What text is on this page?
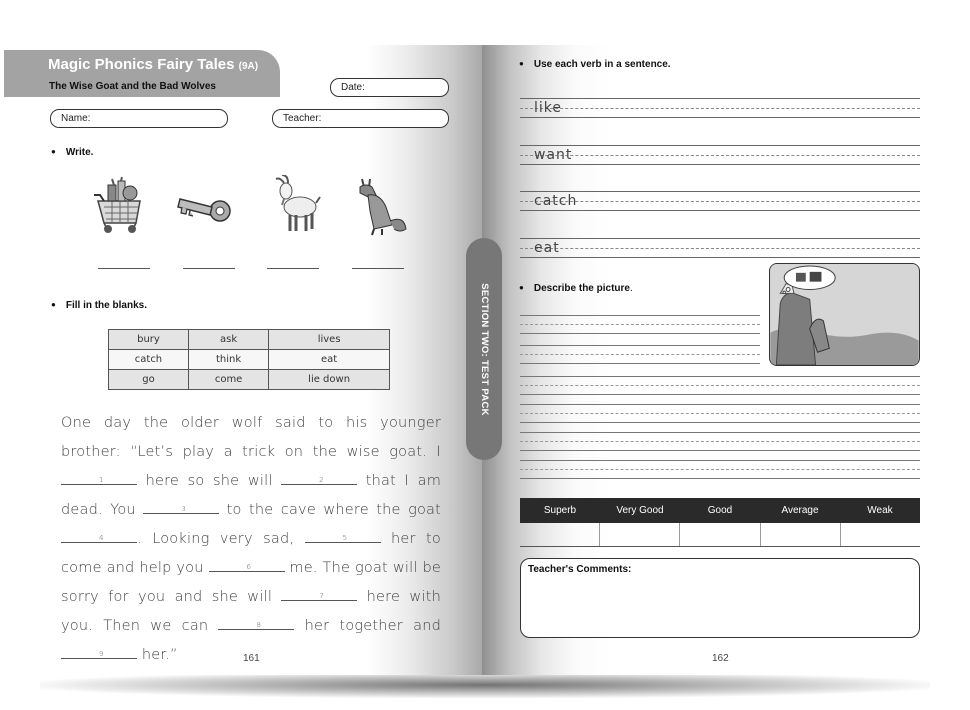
Magic Phonics Fairy Tales (9A)
The Wise Goat and the Bad Wolves	Date:
Name:	Teacher:
● Write.
● Fill in the blanks.
bury	ask	lives
catch	think	eat
go	come	lie down
One day the older wolf said to his younger brother: “Let’s play a trick on the wise goat. I
1	here so she will	2	that I am dead. You	3	to the cave where the goat
4 . Looking very sad,	5	her to come and help you	6	me. The goat will be sorry for you and she will	7	here with you. Then we can	8	her together and
9	her.”	161
● Use each verb in a sentence.
like
want
catch
eat
● Describe the picture.
Superb	Very Good	Good	Average	Weak
Teacher's Comments:
162
SECTION TWO: TEST PACK
